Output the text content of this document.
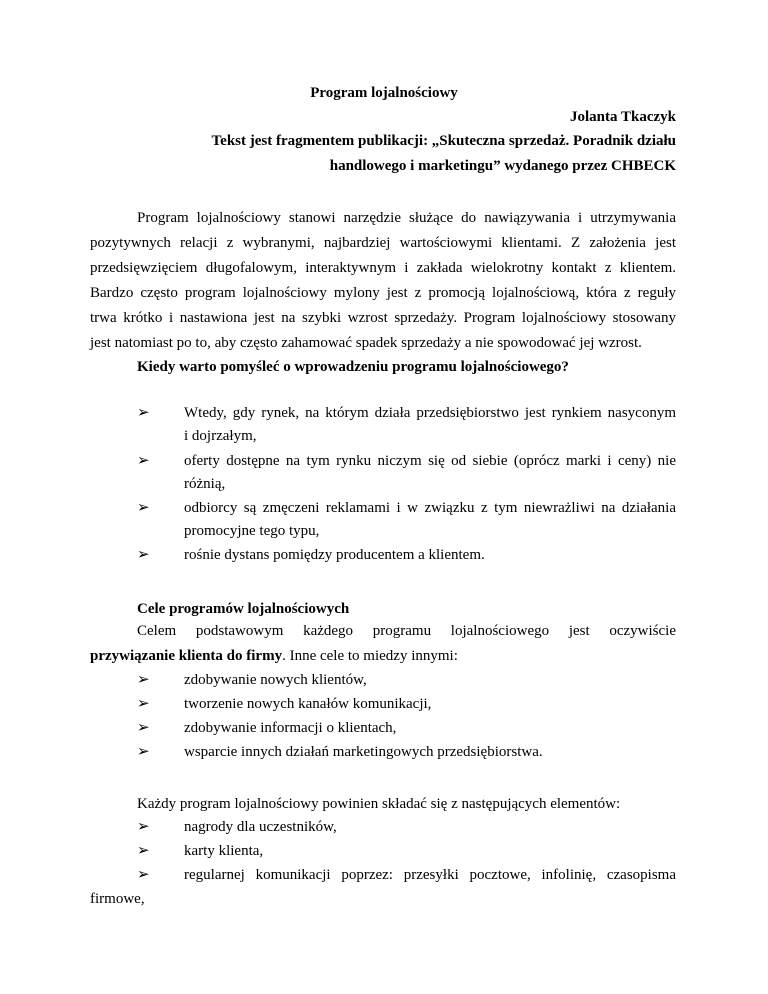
Program lojalnościowy
Jolanta Tkaczyk
Tekst jest fragmentem publikacji: „Skuteczna sprzedaż. Poradnik działu
handlowego i marketingu” wydanego przez CHBECK
Program lojalnościowy stanowi narzędzie służące do nawiązywania i utrzymywania
pozytywnych relacji z wybranymi, najbardziej wartościowymi klientami. Z założenia jest
przedsięwzięciem długofalowym, interaktywnym i zakłada wielokrotny kontakt z klientem.
Bardzo często program lojalnościowy mylony jest z promocją lojalnościową, która z reguły
trwa krótko i nastawiona jest na szybki wzrost sprzedaży. Program lojalnościowy stosowany
jest natomiast po to, aby często zahamować spadek sprzedaży a nie spowodować jej wzrost.
Kiedy warto pomyśleć o wprowadzeniu programu lojalnościowego?
➢ Wtedy, gdy rynek, na którym działa przedsiębiorstwo jest rynkiem nasyconym
i dojrzałym,
➢ oferty dostępne na tym rynku niczym się od siebie (oprócz marki i ceny) nie
różnią,
➢ odbiorcy są zmęczeni reklamami i w związku z tym niewrażliwi na działania
promocyjne tego typu,
➢ rośnie dystans pomiędzy producentem a klientem.
Cele programów lojalnościowych
Celem podstawowym każdego programu lojalnościowego jest oczywiście
przywiązanie klienta do firmy. Inne cele to miedzy innymi:
➢ zdobywanie nowych klientów,
➢ tworzenie nowych kanałów komunikacji,
➢ zdobywanie informacji o klientach,
➢ wsparcie innych działań marketingowych przedsiębiorstwa.
Każdy program lojalnościowy powinien składać się z następujących elementów:
➢ nagrody dla uczestników,
➢ karty klienta,
➢ regularnej komunikacji poprzez: przesyłki pocztowe, infolinię, czasopisma
firmowe,
